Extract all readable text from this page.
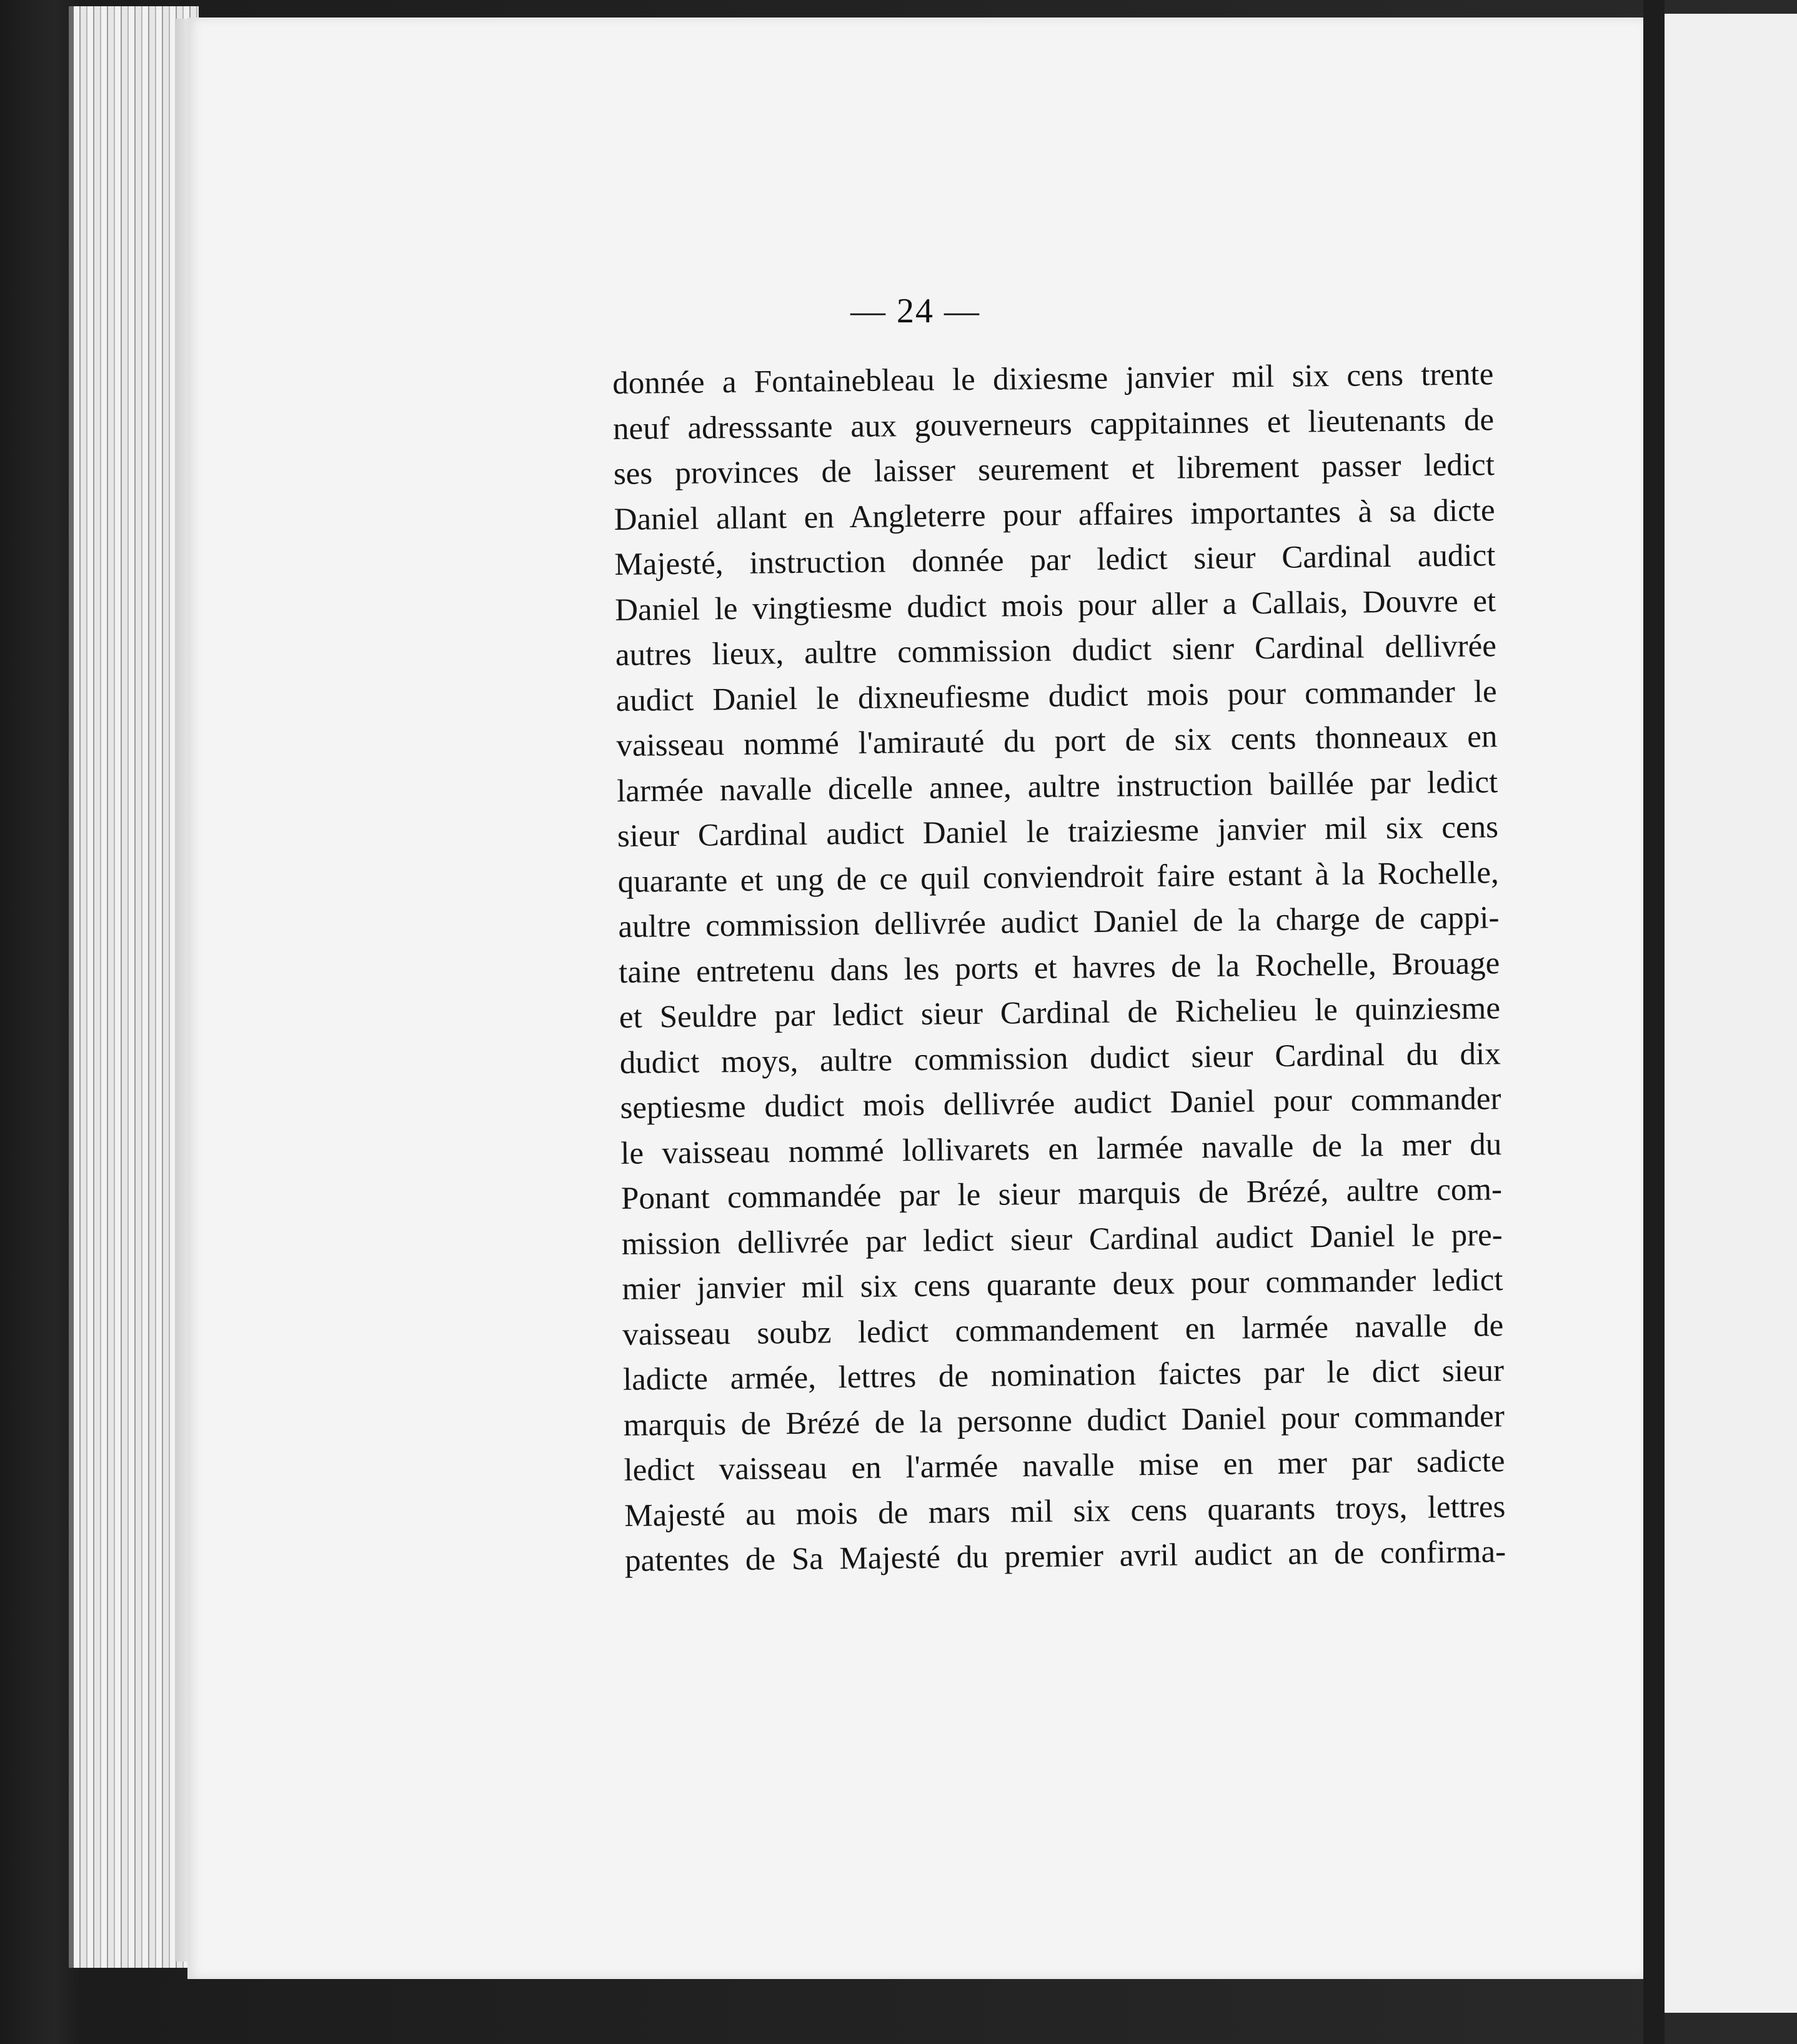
— 24 —
donnée a Fontainebleau le dixiesme janvier mil six cens trente
neuf adresssante aux gouverneurs cappitainnes et lieutenants de
ses provinces de laisser seurement et librement passer ledict
Daniel allant en Angleterre pour affaires importantes à sa dicte
Majesté, instruction donnée par ledict sieur Cardinal audict
Daniel le vingtiesme dudict mois pour aller a Callais, Douvre et
autres lieux, aultre commission dudict sienr Cardinal dellivrée
audict Daniel le dixneufiesme dudict mois pour commander le
vaisseau nommé l'amirauté du port de six cents thonneaux en
larmée navalle dicelle annee, aultre instruction baillée par ledict
sieur Cardinal audict Daniel le traiziesme janvier mil six cens
quarante et ung de ce quil conviendroit faire estant à la Rochelle,
aultre commission dellivrée audict Daniel de la charge de cappi-
taine entretenu dans les ports et havres de la Rochelle, Brouage
et Seuldre par ledict sieur Cardinal de Richelieu le quinziesme
dudict moys, aultre commission dudict sieur Cardinal du dix
septiesme dudict mois dellivrée audict Daniel pour commander
le vaisseau nommé lollivarets en larmée navalle de la mer du
Ponant commandée par le sieur marquis de Brézé, aultre com-
mission dellivrée par ledict sieur Cardinal audict Daniel le pre-
mier janvier mil six cens quarante deux pour commander ledict
vaisseau soubz ledict commandement en larmée navalle de
ladicte armée, lettres de nomination faictes par le dict sieur
marquis de Brézé de la personne dudict Daniel pour commander
ledict vaisseau en l'armée navalle mise en mer par sadicte
Majesté au mois de mars mil six cens quarants troys, lettres
patentes de Sa Majesté du premier avril audict an de confirma-
